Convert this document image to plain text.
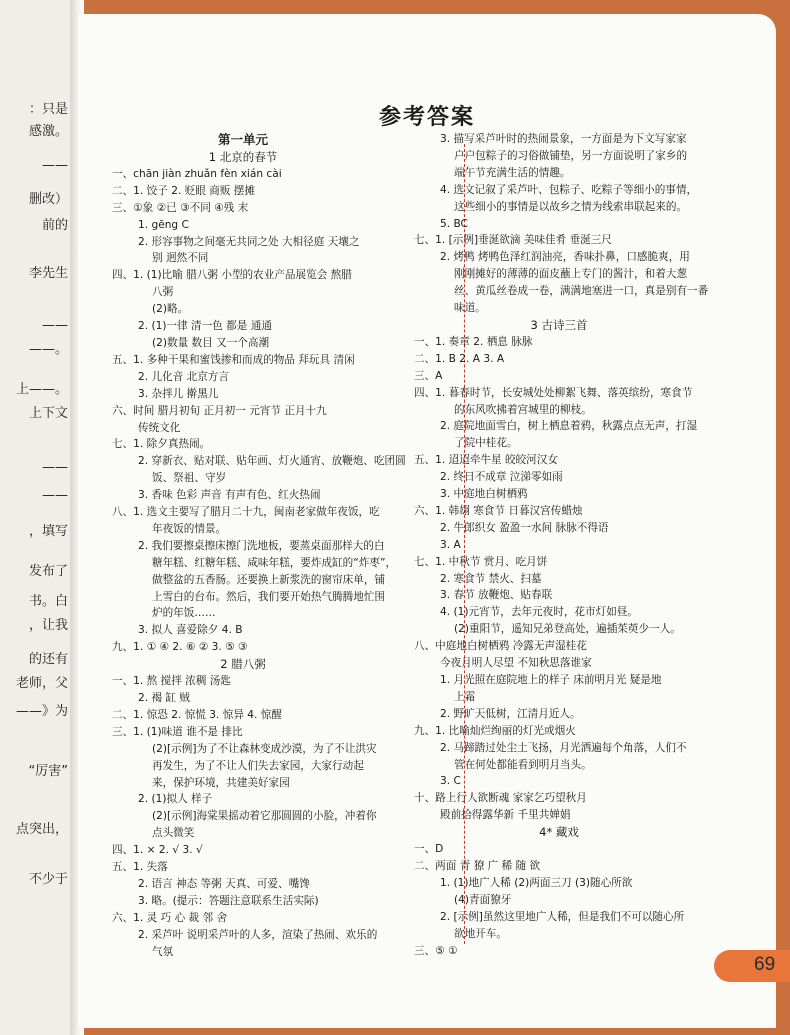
：只是
感激。
——
删改）
前的
李先生
——
——。
上——。
上下文
——
——
，填写
发布了
书。白
，让我
的还有
老师，父
——》为
“厉害”
点突出，
不少于
参考答案
69
第一单元
1 北京的春节
一、chān jiàn zhuǎn fèn xián cài
二、1. 饺子 2. 贬眼 商贩 摆摊
三、①象 ②已 ③不同 ④残 末
1. gēng C
2. 形容事物之间毫无共同之处 大相径庭 天壤之
别 迥然不同
四、1. (1)比喻 腊八粥 小型的农业产品展览会 熬腊
八粥
(2)略。
2. (1)一律 清一色 都是 通通
(2)数量 数目 又一个高潮
五、1. 多种干果和蜜饯掺和而成的物品 拜玩具 清闲
2. 儿化音 北京方言
3. 杂拌儿 擀黑儿
六、时间 腊月初旬 正月初一 元宵节 正月十九
传统文化
七、1. 除夕真热闹。
2. 穿新衣、贴对联、贴年画、灯火通宵、放鞭炮、吃团圆
饭、祭祖、守岁
3. 香味 色彩 声音 有声有色、红火热闹
八、1. 选文主要写了腊月二十九，闽南老家做年夜饭，吃
年夜饭的情景。
2. 我们要擦桌擦床擦门洗地板，要蒸桌面那样大的白
糖年糕、红糖年糕、咸味年糕，要炸成缸的“炸枣”，
做整盆的五香肠。还要换上新浆洗的窗帘床单，铺
上雪白的台布。然后，我们要开始热气腾腾地忙围
炉的年饭……
3. 拟人 喜爱除夕 4. B
九、1. ① ④ 2. ⑥ ② 3. ⑤ ③
2 腊八粥
一、1. 熬 搅拌 浓稠 汤匙
2. 褐 缸 贼
二、1. 惊恐 2. 惊慌 3. 惊异 4. 惊醒
三、1. (1)味道 谁不是 排比
(2)[示例]为了不让森林变成沙漠，为了不让洪灾
再发生，为了不让人们失去家园，大家行动起
来，保护环境，共建美好家园
2. (1)拟人 样子
(2)[示例]海棠果摇动着它那圆圆的小脸，冲着你
点头微笑
四、1. × 2. √ 3. √
五、1. 失落
2. 语言 神态 等粥 天真、可爱、嘴馋
3. 略。(提示：答题注意联系生活实际)
六、1. 灵 巧 心 裁 邻 舍
2. 采芦叶 说明采芦叶的人多，渲染了热闹、欢乐的
气氛
3. 描写采芦叶时的热闹景象，一方面是为下文写家家
户户包粽子的习俗做铺垫，另一方面说明了家乡的
端午节充满生活的情趣。
4. 选文记叙了采芦叶、包粽子、吃粽子等细小的事情，
这些细小的事情是以故乡之情为线索串联起来的。
5. BC
七、1. [示例]垂涎欲滴 美味佳肴 垂涎三尺
2. 烤鸭 烤鸭色泽红润油亮，香味扑鼻，口感脆爽，用
刚刚摊好的薄薄的面皮蘸上专门的酱汁，和着大葱
丝、黄瓜丝卷成一卷，满满地塞进一口，真是别有一番
味道。
3 古诗三首
一、1. 奏章 2. 栖息 脉脉
二、1. B 2. A 3. A
三、A
四、1. 暮春时节，长安城处处柳絮飞舞、落英缤纷，寒食节
的东风吹拂着宫城里的柳枝。
2. 庭院地面雪白，树上栖息着鸦，秋露点点无声，打湿
了院中桂花。
五、1. 迢迢牵牛星 皎皎河汉女
2. 终日不成章 泣涕零如雨
3. 中庭地白树栖鸦
六、1. 韩翃 寒食节 日暮汉宫传蜡烛
2. 牛郎织女 盈盈一水间 脉脉不得语
3. A
七、1. 中秋节 赏月、吃月饼
2. 寒食节 禁火、扫墓
3. 春节 放鞭炮、贴春联
4. (1)元宵节，去年元夜时，花市灯如昼。
(2)重阳节，遥知兄弟登高处，遍插茱萸少一人。
八、中庭地白树栖鸦 冷露无声湿桂花
今夜月明人尽望 不知秋思落谁家
1. 月光照在庭院地上的样子 床前明月光 疑是地
上霜
2. 野旷天低树，江清月近人。
九、1. 比喻灿烂绚丽的灯光或烟火
2. 马蹄踏过处尘土飞扬，月光洒遍每个角落，人们不
管在何处都能看到明月当头。
3. C
十、路上行人欲断魂 家家乞巧望秋月
殿前拾得露华新 千里共婵娟
4* 藏戏
一、D
二、两面 青 獠 广 稀 随 欲
1. (1)地广人稀 (2)两面三刀 (3)随心所欲
(4)青面獠牙
2. [示例]虽然这里地广人稀，但是我们不可以随心所
欲地开车。
三、⑤ ①
